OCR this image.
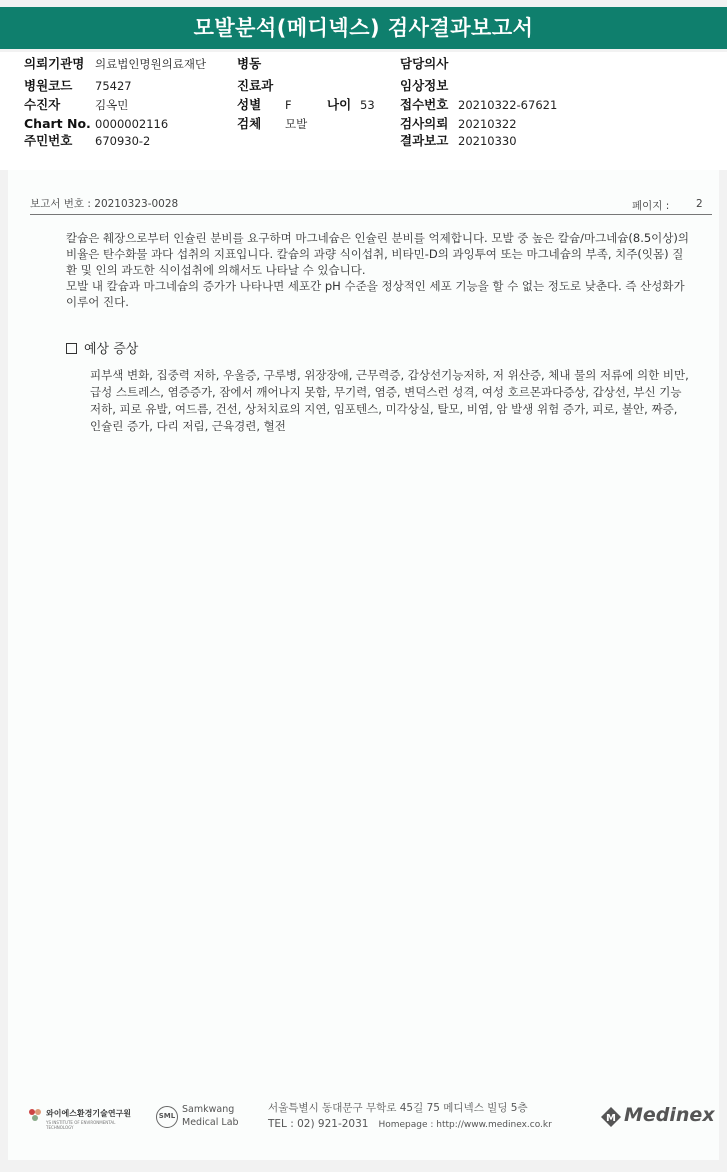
모발분석(메디넥스) 검사결과보고서
의뢰기관명 의료법인명원의료재단
병원코드 75427
수진자	김옥민
Chart No. 0000002116
주민번호 670930-2
병동
진료과
성별 F	나이 53
검체 모발
담당의사
임상정보
접수번호 20210322-67621
검사의뢰 20210322
결과보고 20210330
보고서 번호 : 20210323-0028	페이지 :	2

칼슘은 췌장으로부터 인슐린 분비를 요구하며 마그네슘은 인슐린 분비를 억제합니다. 모발 중 높은 칼슘/마그네슘(8.5이상)의 비율은 탄수화물 과다 섭취의 지표입니다. 칼슘의 과량 식이섭취, 비타민-D의 과잉투여 또는 마그네슘의 부족, 치주(잇몸) 질환 및 인의 과도한 식이섭취에 의해서도 나타날 수 있습니다.

모발 내 칼슘과 마그네슘의 증가가 나타나면 세포간 pH 수준을 정상적인 세포 기능을 할 수 없는 정도로 낮춘다. 즉 산성화가 이루어 진다.

예상 증상
피부색 변화, 집중력 저하, 우울증, 구루병, 위장장애, 근무력증, 갑상선기능저하, 저 위산증, 체내 물의 저류에 의한 비만, 급성 스트레스, 염증증가, 잠에서 깨어나지 못함, 무기력, 염증, 변덕스런 성격, 여성 호르몬과다증상, 갑상선, 부신 기능 저하, 피로 유발, 여드름, 건선, 상처치료의 지연, 임포텐스, 미각상실, 탈모, 비염, 암 발생 위험 증가, 피로, 불안, 짜증, 인슐린 증가, 다리 저림, 근육경련, 혈전
와이에스환경기술연구원
YS INSTITUTE OF ENVIRONMENTAL TECHNOLOGY
SML
Samkwang
Medical Lab
서울특별시 동대문구 무학로 45길 75 메디넥스 빌딩 5층
TEL : 02) 921-2031 Homepage : http://www.medinex.co.kr
M Medinex
